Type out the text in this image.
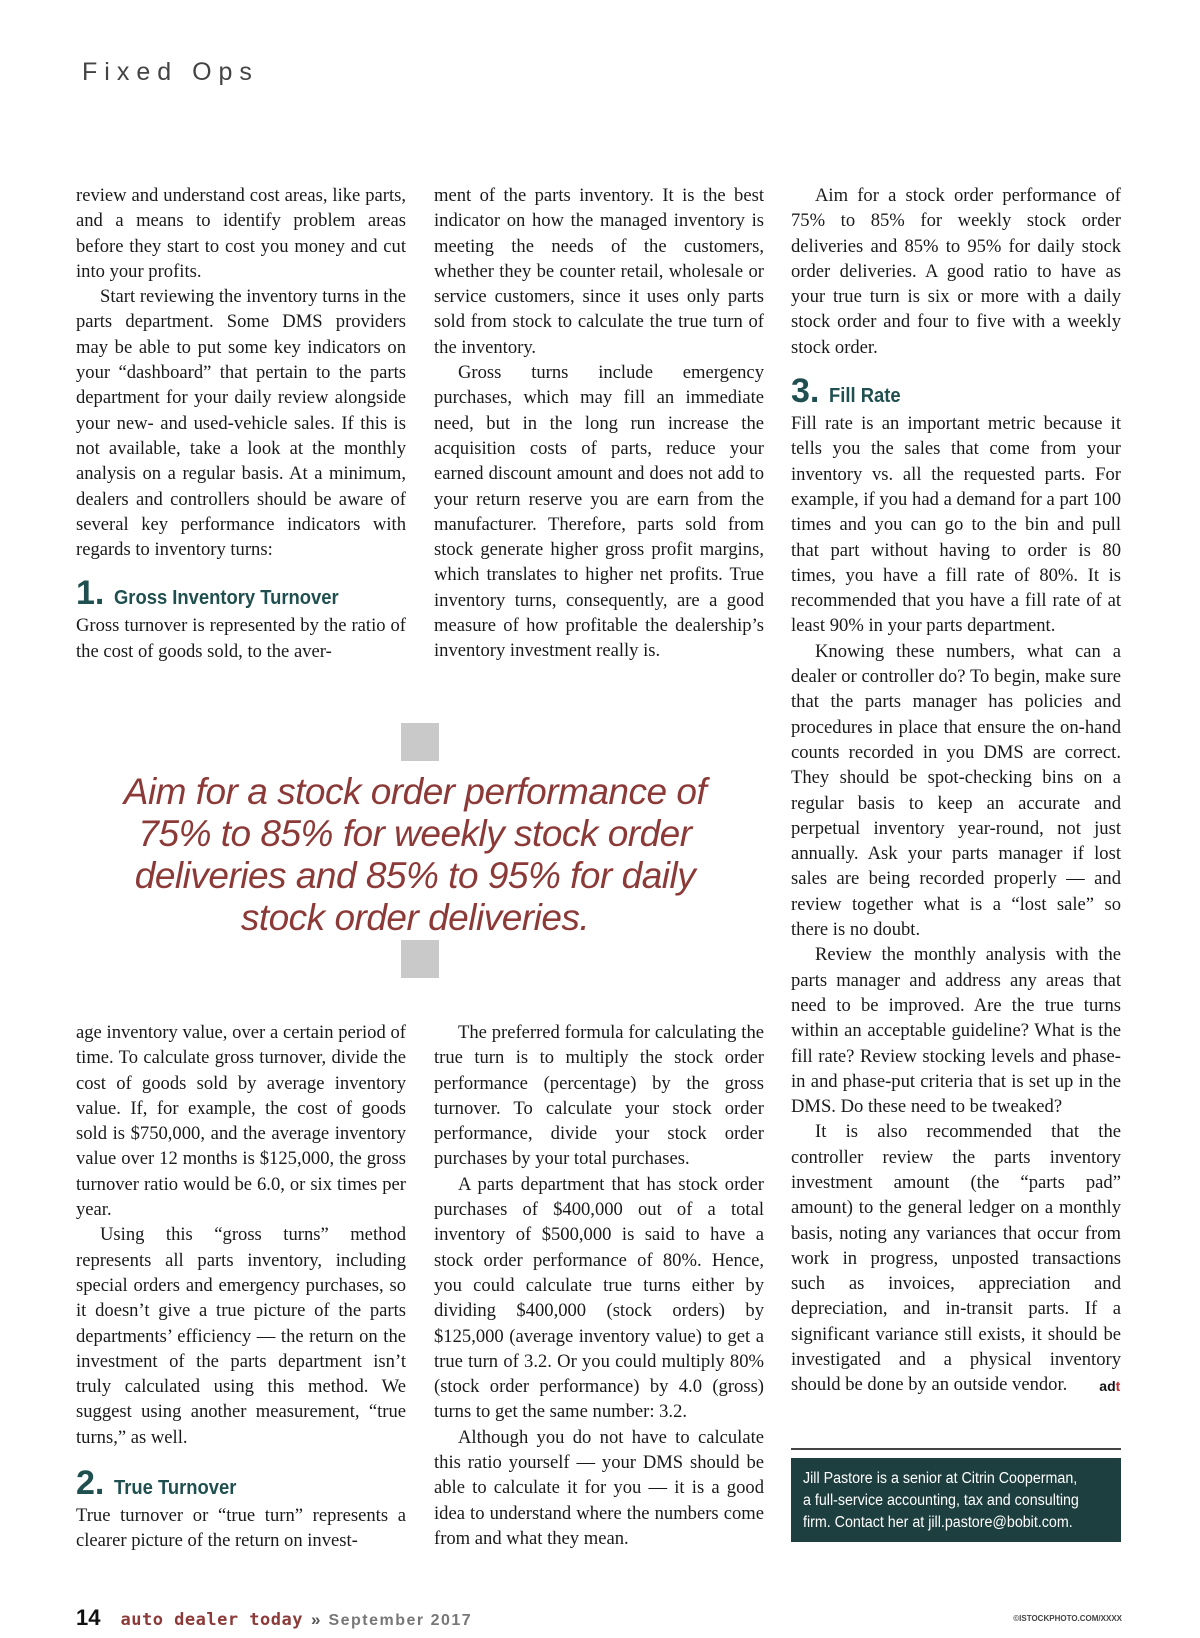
Fixed Ops

review and understand cost areas, like parts, and a means to identify problem areas before they start to cost you money and cut into your profits.

Start reviewing the inventory turns in the parts department. Some DMS providers may be able to put some key indicators on your “dashboard” that pertain to the parts department for your daily review alongside your new- and used-vehicle sales. If this is not available, take a look at the monthly analysis on a regular basis. At a minimum, dealers and controllers should be aware of several key performance indicators with regards to inventory turns:

1. Gross Inventory Turnover

Gross turnover is represented by the ratio of the cost of goods sold, to the aver-

ment of the parts inventory. It is the best indicator on how the managed inventory is meeting the needs of the customers, whether they be counter retail, wholesale or service customers, since it uses only parts sold from stock to calculate the true turn of the inventory.

Gross turns include emergency purchases, which may fill an immediate need, but in the long run increase the acquisition costs of parts, reduce your earned discount amount and does not add to your return reserve you are earn from the manufacturer. Therefore, parts sold from stock generate higher gross profit margins, which translates to higher net profits. True inventory turns, consequently, are a good measure of how profitable the dealership’s inventory investment really is.

Aim for a stock order performance of 75% to 85% for weekly stock order deliveries and 85% to 95% for daily stock order deliveries.

age inventory value, over a certain period of time. To calculate gross turnover, divide the cost of goods sold by average inventory value. If, for example, the cost of goods sold is $750,000, and the average inventory value over 12 months is $125,000, the gross turnover ratio would be 6.0, or six times per year.

Using this “gross turns” method represents all parts inventory, including special orders and emergency purchases, so it doesn’t give a true picture of the parts departments’ efficiency — the return on the investment of the parts department isn’t truly calculated using this method. We suggest using another measurement, “true turns,” as well.

2. True Turnover

True turnover or “true turn” represents a clearer picture of the return on invest-

The preferred formula for calculating the true turn is to multiply the stock order performance (percentage) by the gross turnover. To calculate your stock order performance, divide your stock order purchases by your total purchases.

A parts department that has stock order purchases of $400,000 out of a total inventory of $500,000 is said to have a stock order performance of 80%. Hence, you could calculate true turns either by dividing $400,000 (stock orders) by $125,000 (average inventory value) to get a true turn of 3.2. Or you could multiply 80% (stock order performance) by 4.0 (gross) turns to get the same number: 3.2.

Although you do not have to calculate this ratio yourself — your DMS should be able to calculate it for you — it is a good idea to understand where the numbers come from and what they mean.

Aim for a stock order performance of 75% to 85% for weekly stock order deliveries and 85% to 95% for daily stock order deliveries. A good ratio to have as your true turn is six or more with a daily stock order and four to five with a weekly stock order.

3. Fill Rate

Fill rate is an important metric because it tells you the sales that come from your inventory vs. all the requested parts. For example, if you had a demand for a part 100 times and you can go to the bin and pull that part without having to order is 80 times, you have a fill rate of 80%. It is recommended that you have a fill rate of at least 90% in your parts department.

Knowing these numbers, what can a dealer or controller do? To begin, make sure that the parts manager has policies and procedures in place that ensure the on-hand counts recorded in you DMS are correct. They should be spot-checking bins on a regular basis to keep an accurate and perpetual inventory year-round, not just annually. Ask your parts manager if lost sales are being recorded properly — and review together what is a “lost sale” so there is no doubt.

Review the monthly analysis with the parts manager and address any areas that need to be improved. Are the true turns within an acceptable guideline? What is the fill rate? Review stocking levels and phase-in and phase-put criteria that is set up in the DMS. Do these need to be tweaked?

It is also recommended that the controller review the parts inventory investment amount (the “parts pad” amount) to the general ledger on a monthly basis, noting any variances that occur from work in progress, unposted transactions such as invoices, appreciation and depreciation, and in-transit parts. If a significant variance still exists, it should be investigated and a physical inventory should be done by an outside vendor. adt

Jill Pastore is a senior at Citrin Cooperman,
a full-service accounting, tax and consulting
firm. Contact her at jill.pastore@bobit.com.
14 auto dealer today » September 2017	©ISTOCKPHOTO.COM/XXXX
